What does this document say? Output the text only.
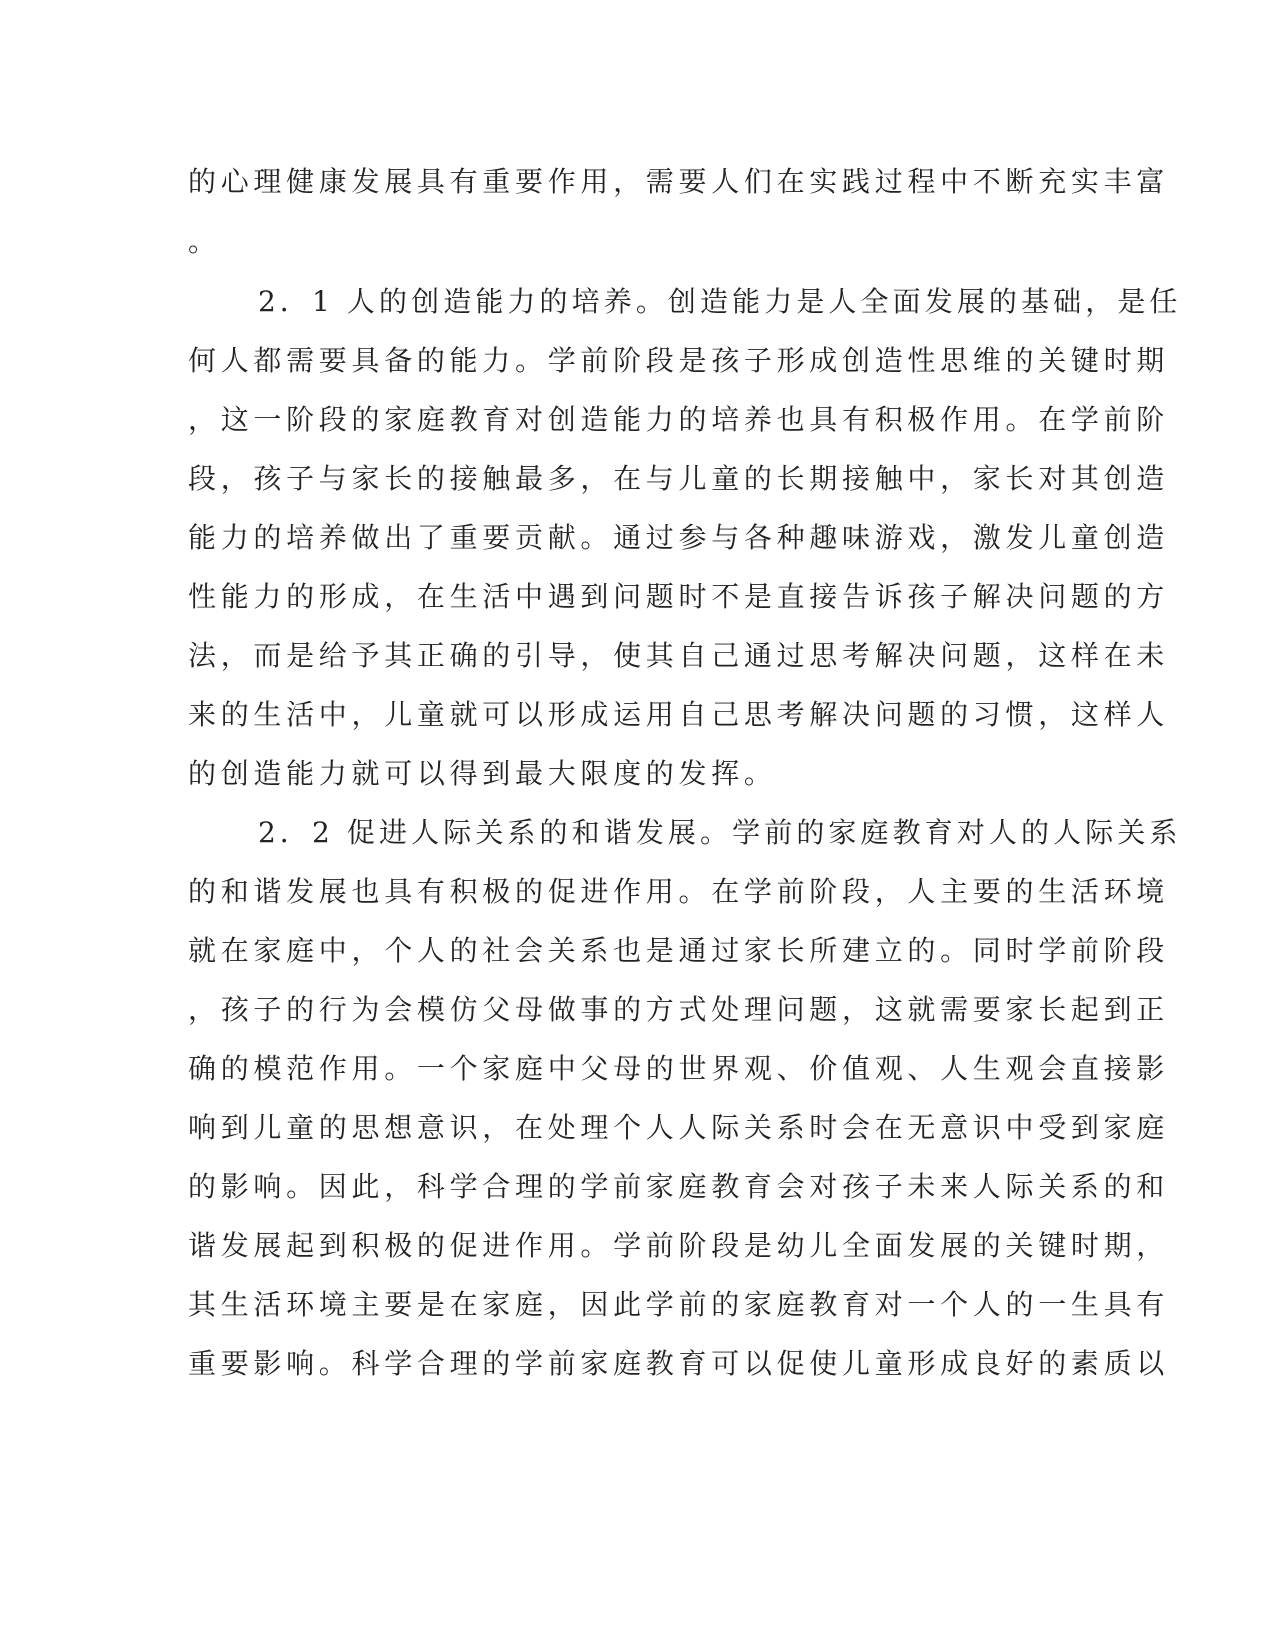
的心理健康发展具有重要作用，需要人们在实践过程中不断充实丰富
。
2．1 人的创造能力的培养。创造能力是人全面发展的基础，是任
何人都需要具备的能力。学前阶段是孩子形成创造性思维的关键时期
，这一阶段的家庭教育对创造能力的培养也具有积极作用。在学前阶
段，孩子与家长的接触最多，在与儿童的长期接触中，家长对其创造
能力的培养做出了重要贡献。通过参与各种趣味游戏，激发儿童创造
性能力的形成，在生活中遇到问题时不是直接告诉孩子解决问题的方
法，而是给予其正确的引导，使其自己通过思考解决问题，这样在未
来的生活中，儿童就可以形成运用自己思考解决问题的习惯，这样人
的创造能力就可以得到最大限度的发挥。
2．2 促进人际关系的和谐发展。学前的家庭教育对人的人际关系
的和谐发展也具有积极的促进作用。在学前阶段，人主要的生活环境
就在家庭中，个人的社会关系也是通过家长所建立的。同时学前阶段
，孩子的行为会模仿父母做事的方式处理问题，这就需要家长起到正
确的模范作用。一个家庭中父母的世界观、价值观、人生观会直接影
响到儿童的思想意识，在处理个人人际关系时会在无意识中受到家庭
的影响。因此，科学合理的学前家庭教育会对孩子未来人际关系的和
谐发展起到积极的促进作用。学前阶段是幼儿全面发展的关键时期，
其生活环境主要是在家庭，因此学前的家庭教育对一个人的一生具有
重要影响。科学合理的学前家庭教育可以促使儿童形成良好的素质以
